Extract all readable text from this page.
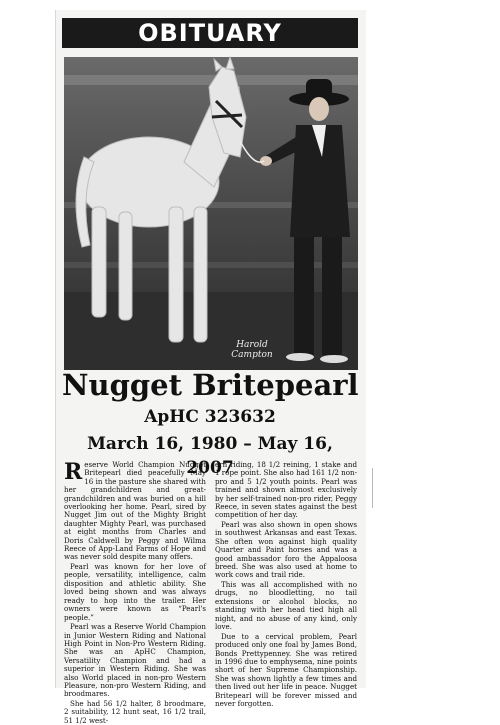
OBITUARY
Harold
Campton
Nugget Britepearl
ApHC 323632
March 16, 1980 – May 16, 2007

Reserve World Champion Nugget Britepearl died peacefully May 16 in the pasture she shared with her grandchildren and great-grandchildren and was buried on a hill overlooking her home. Pearl, sired by Nugget Jim out of the Mighty Bright daughter Mighty Pearl, was purchased at eight months from Charles and Doris Caldwell by Peggy and Wilma Reece of App-Land Farms of Hope and was never sold despite many offers.

Pearl was known for her love of people, versatility, intelligence, calm disposition and athletic ability. She loved being shown and was always ready to hop into the trailer. Her owners were known as “Pearl's people.”

Pearl was a Reserve World Champion in Junior Western Riding and National High Point in Non-Pro Western Riding. She was an ApHC Champion, Versatility Champion and had a superior in Western Riding. She was also World placed in non-pro Western Pleasure, non-pro Western Riding, and broodmares.

She had 56 1/2 halter, 8 broodmare, 2 suitability, 12 hunt seat, 16 1/2 trail, 51 1/2 west-

ern riding, 18 1/2 reining, 1 stake and 1 rope point. She also had 161 1/2 non-pro and 5 1/2 youth points. Pearl was trained and shown almost exclusively by her self-trained non-pro rider, Peggy Reece, in seven states against the best competition of her day.

Pearl was also shown in open shows in southwest Arkansas and east Texas. She often won against high quality Quarter and Paint horses and was a good ambassador foro the Appaloosa breed. She was also used at home to work cows and trail ride.

This was all accomplished with no drugs, no bloodletting, no tail extensions or alcohol blocks, no standing with her head tied high all night, and no abuse of any kind, only love.

Due to a cervical problem, Pearl produced only one foal by James Bond, Bonds Prettypenney. She was retired in 1996 due to emphysema, nine points short of her Supreme Championship. She was shown lightly a few times and then lived out her life in peace. Nugget Britepearl will be forever missed and never forgotten.
